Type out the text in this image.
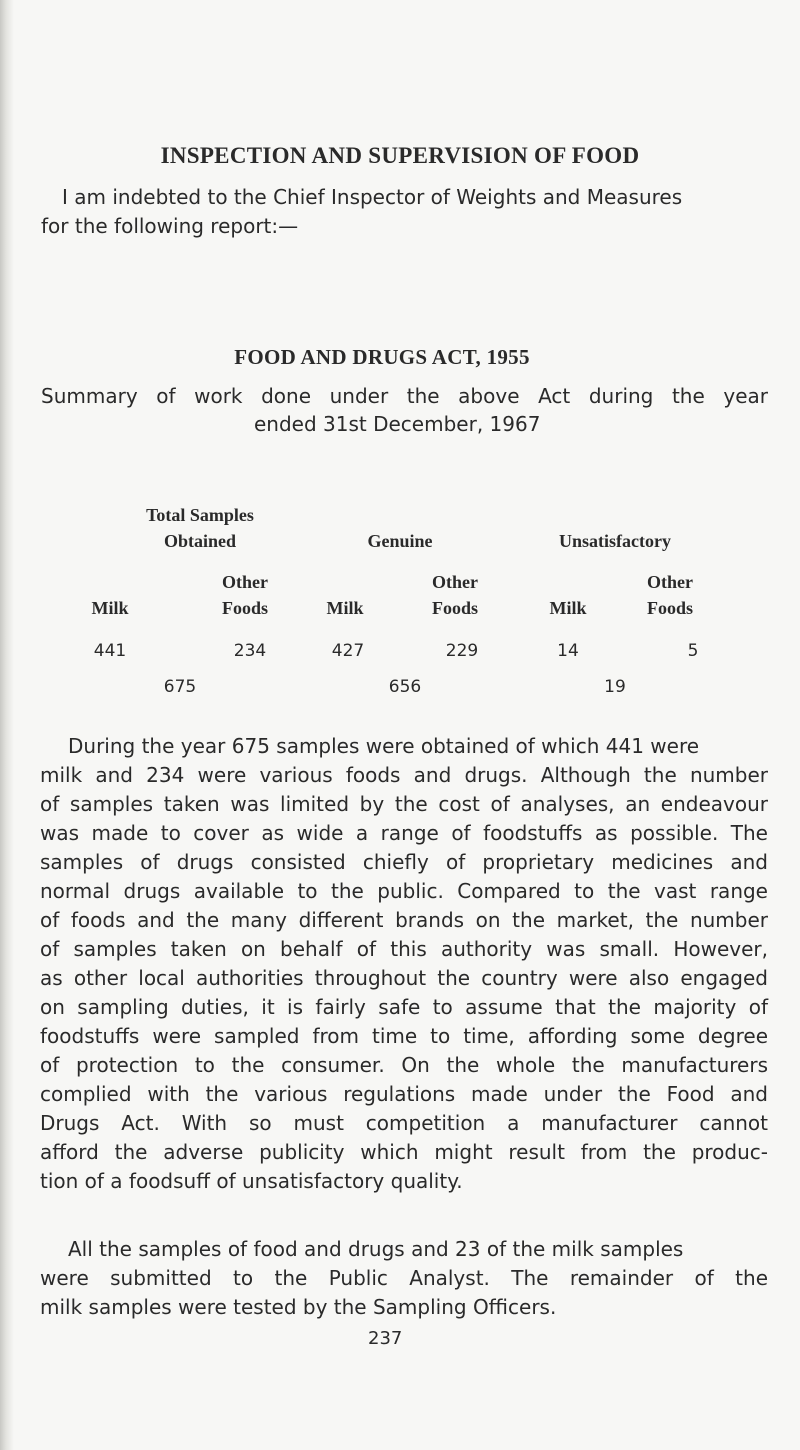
INSPECTION AND SUPERVISION OF FOOD
I am indebted to the Chief Inspector of Weights and Measures
for the following report:—
FOOD AND DRUGS ACT, 1955
Summary of work done under the above Act during the year
ended 31st December, 1967
Total Samples
Obtained	Genuine	Unsatisfactory
Other
Milk	Foods
Other
Milk	Foods
Other
Milk	Foods
441	234	427	229	14	5
675	656	19
During the year 675 samples were obtained of which 441 were
milk and 234 were various foods and drugs. Although the number
of samples taken was limited by the cost of analyses, an endeavour
was made to cover as wide a range of foodstuffs as possible. The
samples of drugs consisted chiefly of proprietary medicines and
normal drugs available to the public. Compared to the vast range
of foods and the many different brands on the market, the number
of samples taken on behalf of this authority was small. However,
as other local authorities throughout the country were also engaged
on sampling duties, it is fairly safe to assume that the majority of
foodstuffs were sampled from time to time, affording some degree
of protection to the consumer. On the whole the manufacturers
complied with the various regulations made under the Food and
Drugs Act. With so must competition a manufacturer cannot
afford the adverse publicity which might result from the produc-
tion of a foodsuff of unsatisfactory quality.
All the samples of food and drugs and 23 of the milk samples
were submitted to the Public Analyst. The remainder of the
milk samples were tested by the Sampling Officers.
237
